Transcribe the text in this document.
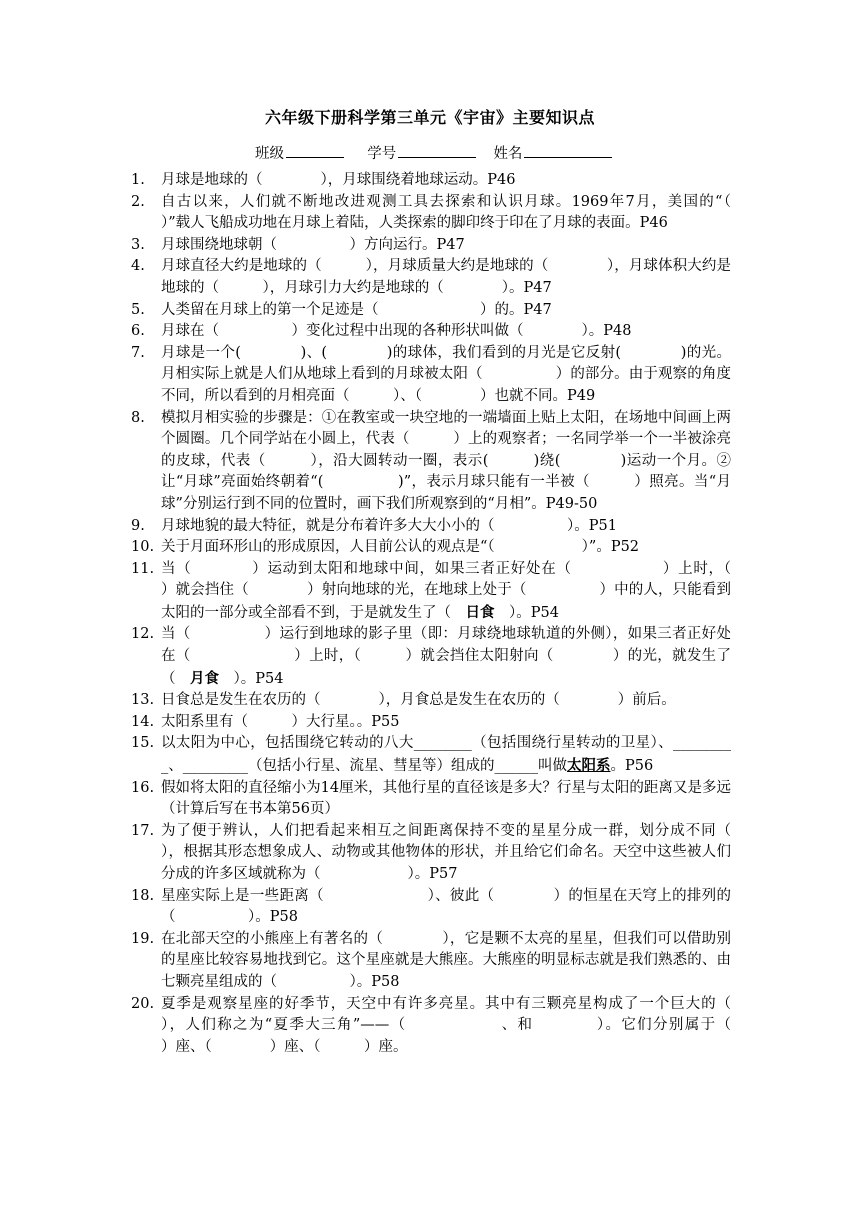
六年级下册科学第三单元《宇宙》主要知识点
班级	学号	姓名
1.	月球是地球的（　　　　），月球围绕着地球运动。P46
2.	自古以来，人们就不断地改进观测工具去探索和认识月球。1969年7月，美国的“（　　　　　　　　）”载人飞船成功地在月球上着陆，人类探索的脚印终于印在了月球的表面。P46
3.	月球围绕地球朝（　　　　　）方向运行。P47
4.	月球直径大约是地球的（　　　），月球质量大约是地球的（　　　　），月球体积大约是地球的（　　　），月球引力大约是地球的（　　　　）。P47
5.	人类留在月球上的第一个足迹是（　　　　　　　）的。P47
6.	月球在（　　　　　）变化过程中出现的各种形状叫做（　　　　）。P48
7.	月球是一个(　　　　)、(　　　　)的球体，我们看到的月光是它反射(　　　　)的光。月相实际上就是人们从地球上看到的月球被太阳（　　　　　）的部分。由于观察的角度不同，所以看到的月相亮面（　　　）、（　　　　）也就不同。P49
8.	模拟月相实验的步骤是：①在教室或一块空地的一端墙面上贴上太阳，在场地中间画上两个圆圈。几个同学站在小圆上，代表（　　　）上的观察者；一名同学举一个一半被涂亮的皮球，代表（　　　），沿大圆转动一圈，表示(　　　)绕(　　　　)运动一个月。②让“月球”亮面始终朝着“(　　　　　)”，表示月球只能有一半被（　　　）照亮。当“月球”分别运行到不同的位置时，画下我们所观察到的“月相”。P49-50
9.	月球地貌的最大特征，就是分布着许多大大小小的（　　　　　）。P51
10. 关于月面环形山的形成原因，人目前公认的观点是“（　　　　　　）”。P52
11. 当（　　　　）运动到太阳和地球中间，如果三者正好处在（　　　　　　）上时，（　　　）就会挡住（　　　　）射向地球的光，在地球上处于（　　　　　）中的人，只能看到太阳的一部分或全部看不到，于是就发生了（　日食　）。P54
12. 当（　　　　　）运行到地球的影子里（即：月球绕地球轨道的外侧），如果三者正好处在（　　　　　　　）上时，（　　　）就会挡住太阳射向（　　　　）的光，就发生了（　月食　）。P54
13. 日食总是发生在农历的（　　　　），月食总是发生在农历的（　　　　）前后。
14. 太阳系里有（　　　）大行星。。P55
15. 以太阳为中心，包括围绕它转动的八大________（包括围绕行星转动的卫星）、_________、_________（包括小行星、流星、彗星等）组成的______叫做太阳系。P56
16. 假如将太阳的直径缩小为14厘米，其他行星的直径该是多大？行星与太阳的距离又是多远（计算后写在书本第56页）
17. 为了便于辨认，人们把看起来相互之间距离保持不变的星星分成一群，划分成不同（　　　　），根据其形态想象成人、动物或其他物体的形状，并且给它们命名。天空中这些被人们分成的许多区域就称为（　　　　　　）。P57
18. 星座实际上是一些距离（　　　　　　　）、彼此（　　　　）的恒星在天穹上的排列的（　　　　　）。P58
19. 在北部天空的小熊座上有著名的（　　　　），它是颗不太亮的星星，但我们可以借助别的星座比较容易地找到它。这个星座就是大熊座。大熊座的明显标志就是我们熟悉的、由七颗亮星组成的（　　　　　）。P58
20. 夏季是观察星座的好季节，天空中有许多亮星。其中有三颗亮星构成了一个巨大的（　　　　　），人们称之为“夏季大三角”——（　　　　　　、和　　　　）。它们分别属于（　　　）座、（　　　　）座、（　　　）座。
